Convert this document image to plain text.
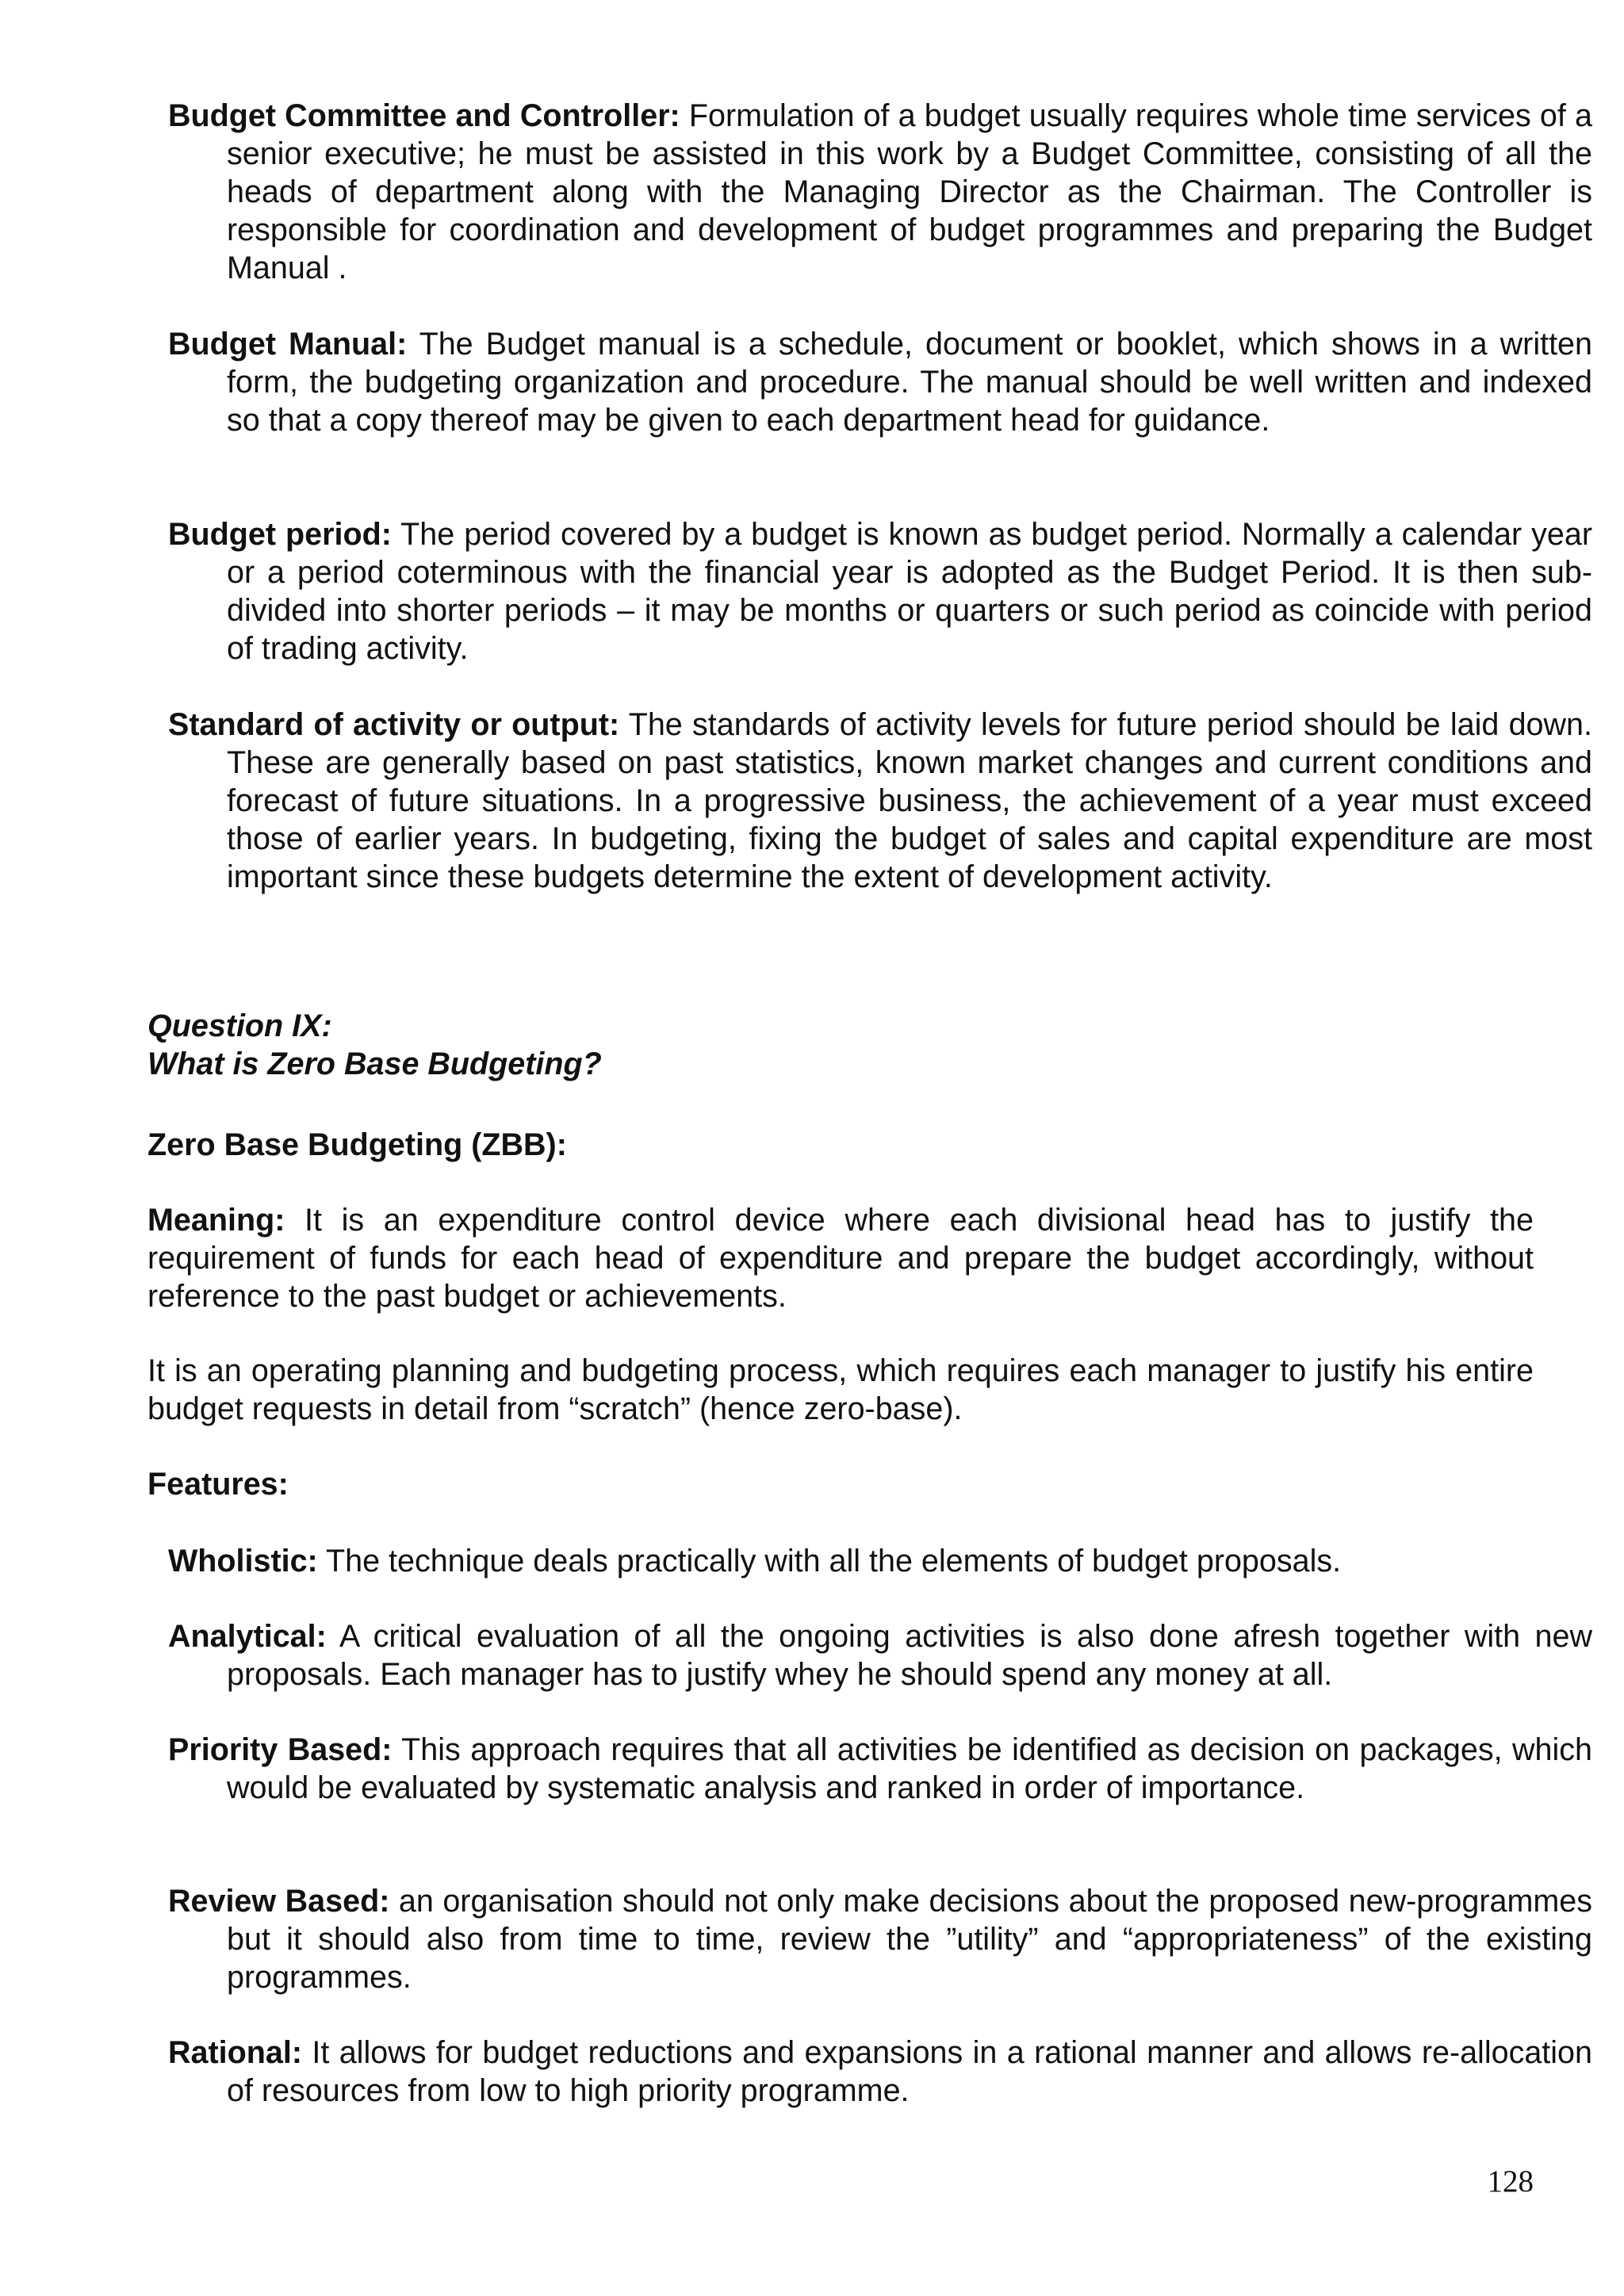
Budget Committee and Controller: Formulation of a budget usually requires whole time services of a senior executive; he must be assisted in this work by a Budget Committee, consisting of all the heads of department along with the Managing Director as the Chairman. The Controller is responsible for coordination and development of budget programmes and preparing the Budget Manual .

Budget Manual: The Budget manual is a schedule, document or booklet, which shows in a written form, the budgeting organization and procedure. The manual should be well written and indexed so that a copy thereof may be given to each department head for guidance.

Budget period: The period covered by a budget is known as budget period. Normally a calendar year or a period coterminous with the financial year is adopted as the Budget Period. It is then sub-divided into shorter periods – it may be months or quarters or such period as coincide with period of trading activity.

Standard of activity or output: The standards of activity levels for future period should be laid down. These are generally based on past statistics, known market changes and current conditions and forecast of future situations. In a progressive business, the achievement of a year must exceed those of earlier years. In budgeting, fixing the budget of sales and capital expenditure are most important since these budgets determine the extent of development activity.

Question IX:

What is Zero Base Budgeting?

Zero Base Budgeting (ZBB):

Meaning: It is an expenditure control device where each divisional head has to justify the requirement of funds for each head of expenditure and prepare the budget accordingly, without reference to the past budget or achievements.

It is an operating planning and budgeting process, which requires each manager to justify his entire budget requests in detail from “scratch” (hence zero-base).

Features:

Wholistic: The technique deals practically with all the elements of budget proposals.

Analytical: A critical evaluation of all the ongoing activities is also done afresh together with new proposals. Each manager has to justify whey he should spend any money at all.

Priority Based: This approach requires that all activities be identified as decision on packages, which would be evaluated by systematic analysis and ranked in order of importance.

Review Based: an organisation should not only make decisions about the proposed new-programmes but it should also from time to time, review the ”utility” and “appropriateness” of the existing programmes.

Rational: It allows for budget reductions and expansions in a rational manner and allows re-allocation of resources from low to high priority programme.

128
